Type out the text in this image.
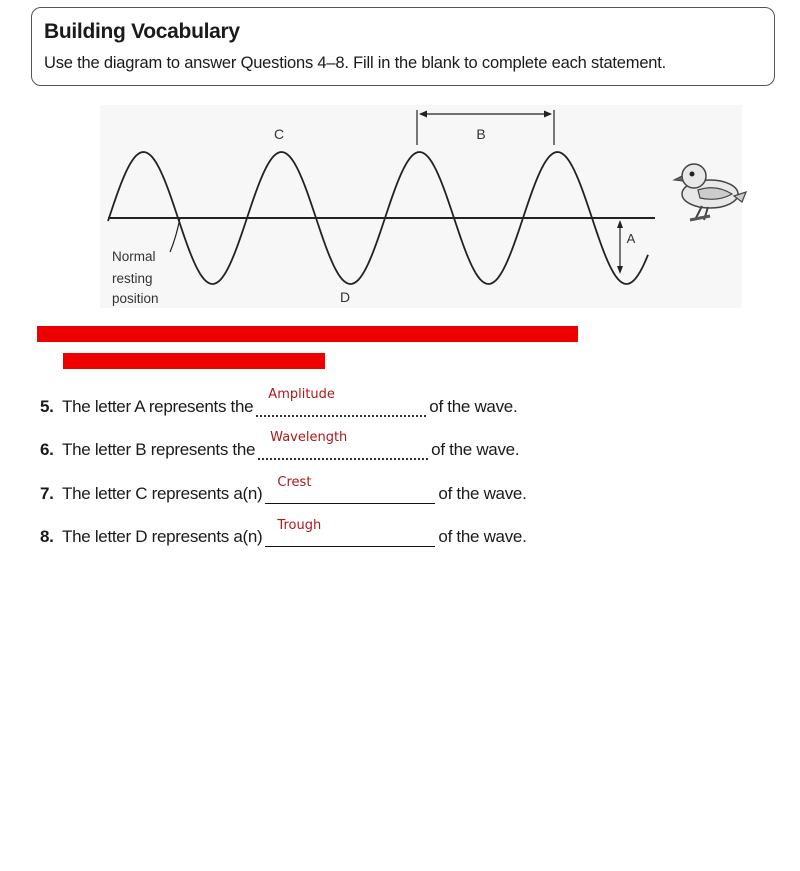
Building Vocabulary
Use the diagram to answer Questions 4–8. Fill in the blank to complete each statement.
C	B
D
A
Normal
resting
position
5. The letter A represents the
Amplitude
of the wave.
6. The letter B represents the
Wavelength
of the wave.
7. The letter C represents a(n)
Crest
of the wave.
8. The letter D represents a(n)
Trough
of the wave.
